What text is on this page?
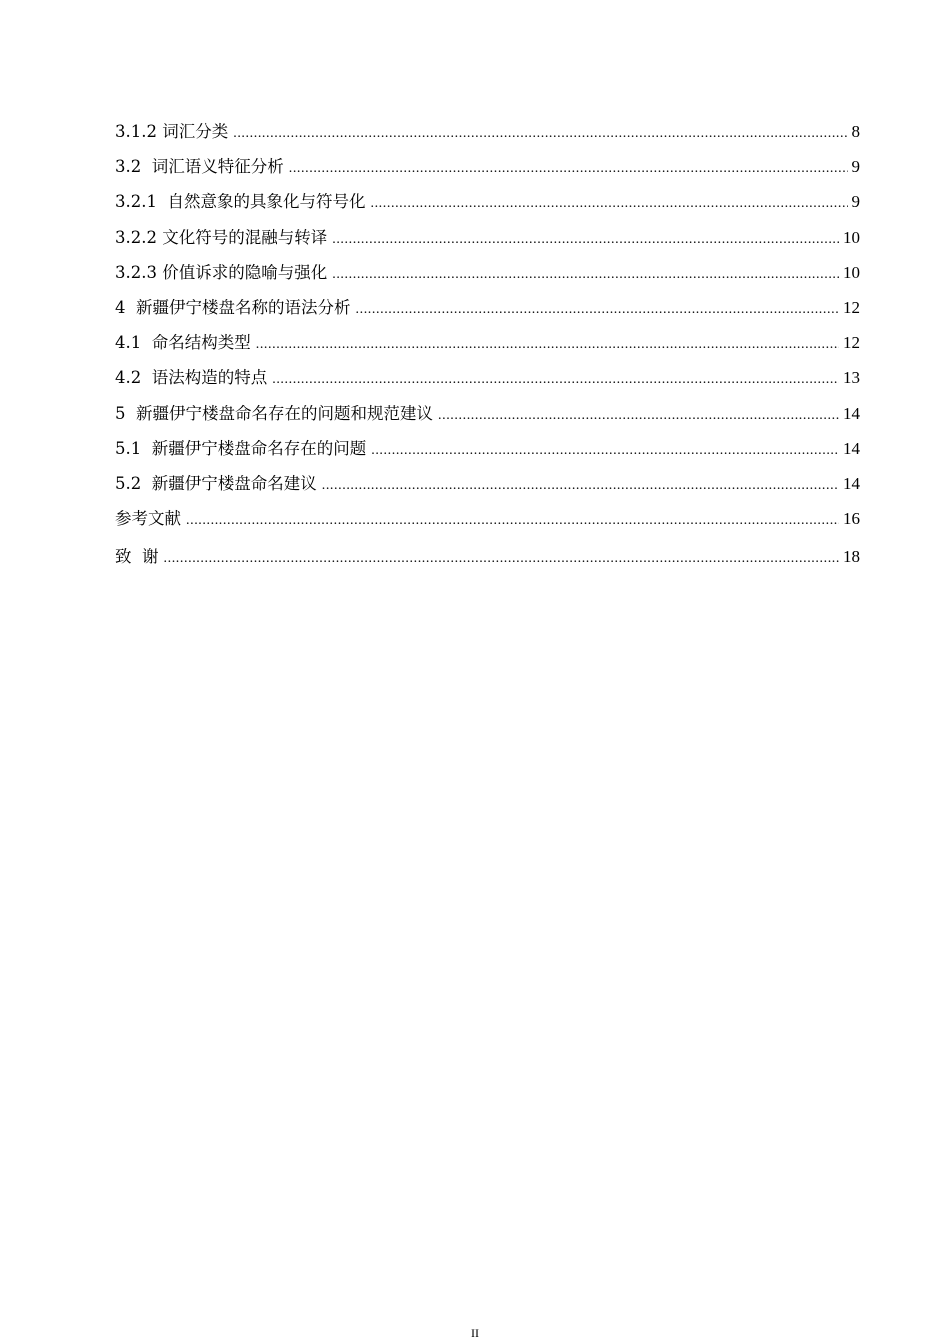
3.1.2 词汇分类 .....	8
3.2  词汇语义特征分析 .....	9
3.2.1  自然意象的具象化与符号化 .....	9
3.2.2 文化符号的混融与转译 .....	10
3.2.3 价值诉求的隐喻与强化 .....	10
4  新疆伊宁楼盘名称的语法分析 .....	12
4.1  命名结构类型 .....	12
4.2  语法构造的特点 .....	13
5  新疆伊宁楼盘命名存在的问题和规范建议 .....	14
5.1  新疆伊宁楼盘命名存在的问题 .....	14
5.2  新疆伊宁楼盘命名建议 .....	14
参考文献 .....	16
致  谢 .....	18
II
